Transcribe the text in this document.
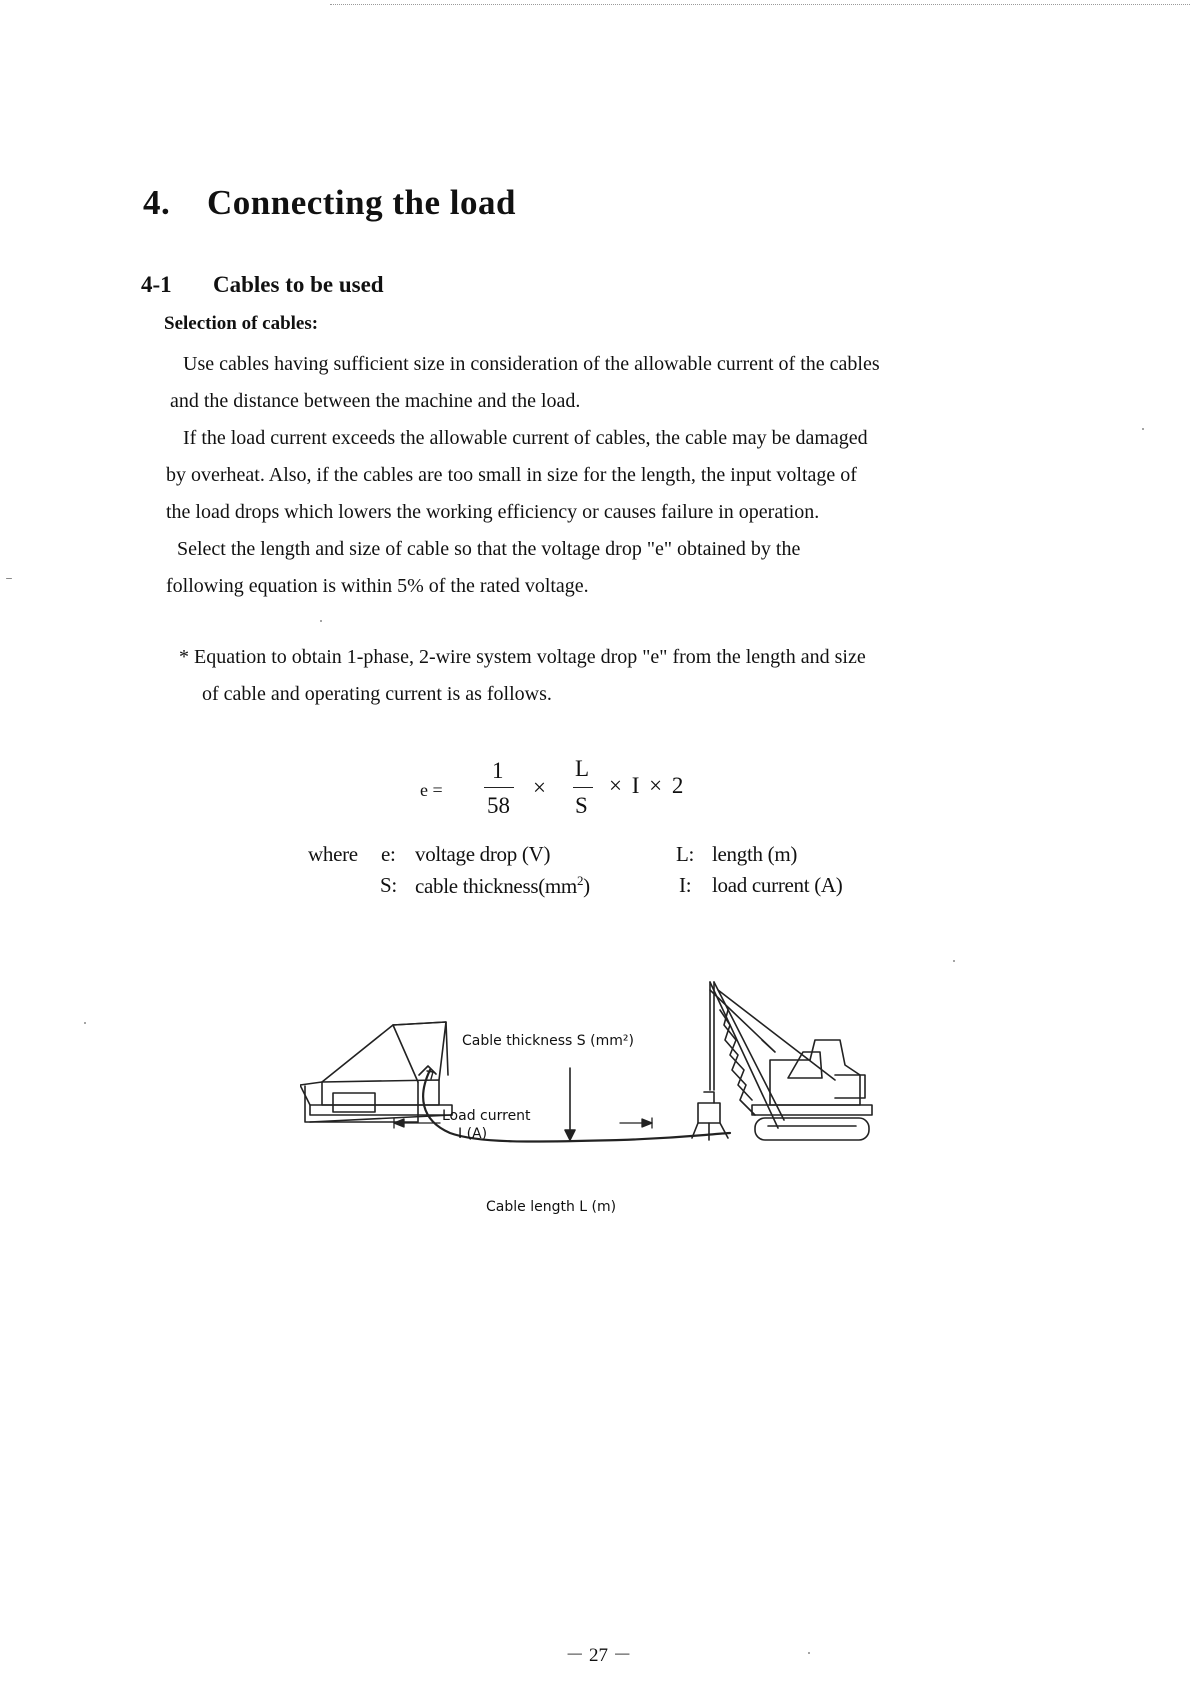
4. Connecting the load
4-1 Cables to be used
Selection of cables:
Use cables having sufficient size in consideration of the allowable current of the cables
and the distance between the machine and the load.
If the load current exceeds the allowable current of cables, the cable may be damaged
by overheat. Also, if the cables are too small in size for the length, the input voltage of
the load drops which lowers the working efficiency or causes failure in operation.
Select the length and size of cable so that the voltage drop "e" obtained by the
following equation is within 5% of the rated voltage.
* Equation to obtain 1-phase, 2-wire system voltage drop "e" from the length and size
of cable and operating current is as follows.
e =
1
58
×
L
S
× I × 2
where e: voltage drop (V)	L: length (m)
S: cable $thickness(mm^2)$	I: load current (A)
Cable thickness S (mm²)
Load current
I (A)
Cable length L (m)
－ 27 －
